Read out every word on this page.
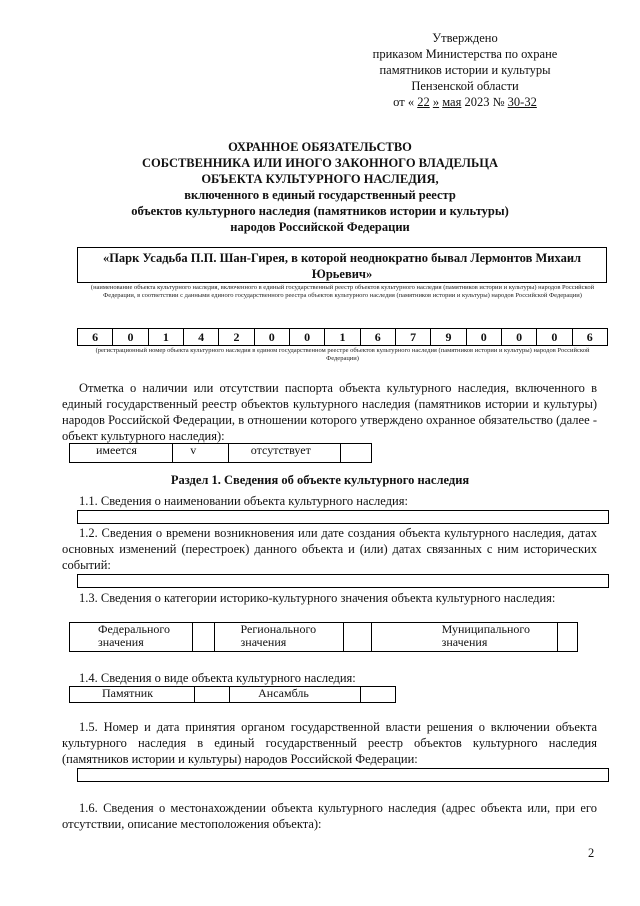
Утверждено
приказом Министерства по охране
памятников истории и культуры
Пензенской области
от « 22 » мая 2023 № 30-32
ОХРАННОЕ ОБЯЗАТЕЛЬСТВО
СОБСТВЕННИКА ИЛИ ИНОГО ЗАКОННОГО ВЛАДЕЛЬЦА
ОБЪЕКТА КУЛЬТУРНОГО НАСЛЕДИЯ,
включенного в единый государственный реестр
объектов культурного наследия (памятников истории и культуры)
народов Российской Федерации
«Парк Усадьба П.П. Шан-Гирея, в которой неоднократно бывал Лермонтов Михаил Юрьевич»
(наименование объекта культурного наследия, включенного в единый государственный реестр объектов культурного наследия (памятников истории и культуры) народов Российской Федерации, в соответствии с данными единого государственного реестра объектов культурного наследия (памятников истории и культуры) народов Российской Федерации)
6	0	1	4	2	0	0	1	6	7	9	0	0	0	6
(регистрационный номер объекта культурного наследия в едином государственном реестре объектов культурного наследия (памятников истории и культуры) народов Российской Федерации)
Отметка о наличии или отсутствии паспорта объекта культурного наследия, включенного в единый государственный реестр объектов культурного наследия (памятников истории и культуры) народов Российской Федерации, в отношении которого утверждено охранное обязательство (далее - объект культурного наследия):
имеется	v	отсутствует	
Раздел 1. Сведения об объекте культурного наследия
1.1. Сведения о наименовании объекта культурного наследия:
1.2. Сведения о времени возникновения или дате создания объекта культурного наследия, датах основных изменений (перестроек) данного объекта и (или) датах связанных с ним исторических событий:
1.3. Сведения о категории историко-культурного значения объекта культурного наследия:
Федерального значения		Регионального значения		Муниципального значения	
1.4. Сведения о виде объекта культурного наследия:
Памятник		Ансамбль	
1.5. Номер и дата принятия органом государственной власти решения о включении объекта культурного наследия в единый государственный реестр объектов культурного наследия (памятников истории и культуры) народов Российской Федерации:
1.6. Сведения о местонахождении объекта культурного наследия (адрес объекта или, при его отсутствии, описание местоположения объекта):
2
